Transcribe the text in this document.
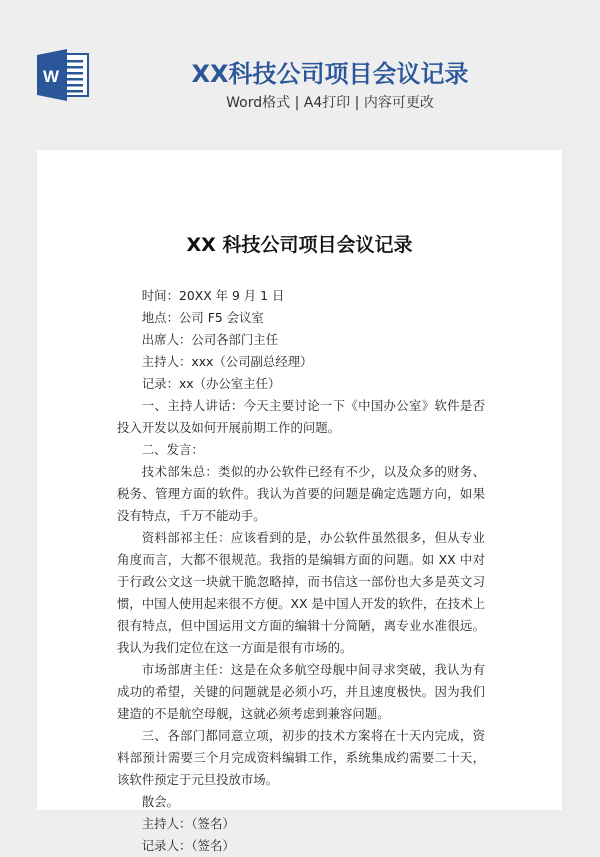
W	XX科技公司项目会议记录
Word格式 | A4打印 | 内容可更改
XX 科技公司项目会议记录

时间：20XX 年 9 月 1 日

地点：公司 F5 会议室

出席人：公司各部门主任

主持人：xxx（公司副总经理）

记录：xx（办公室主任）

一、主持人讲话：今天主要讨论一下《中国办公室》软件是否投入开发以及如何开展前期工作的问题。

二、发言：

技术部朱总：类似的办公软件已经有不少，以及众多的财务、税务、管理方面的软件。我认为首要的问题是确定选题方向，如果没有特点，千万不能动手。

资料部祁主任：应该看到的是，办公软件虽然很多，但从专业角度而言，大都不很规范。我指的是编辑方面的问题。如 XX 中对于行政公文这一块就干脆忽略掉，而书信这一部份也大多是英文习惯，中国人使用起来很不方便。XX 是中国人开发的软件，在技术上很有特点，但中国运用文方面的编辑十分简陋，离专业水准很远。我认为我们定位在这一方面是很有市场的。

市场部唐主任：这是在众多航空母舰中间寻求突破，我认为有成功的希望，关键的问题就是必须小巧，并且速度极快。因为我们建造的不是航空母舰，这就必须考虑到兼容问题。

三、各部门都同意立项，初步的技术方案将在十天内完成，资料部预计需要三个月完成资料编辑工作，系统集成约需要二十天，该软件预定于元旦投放市场。

散会。

主持人：（签名）

记录人：（签名）
